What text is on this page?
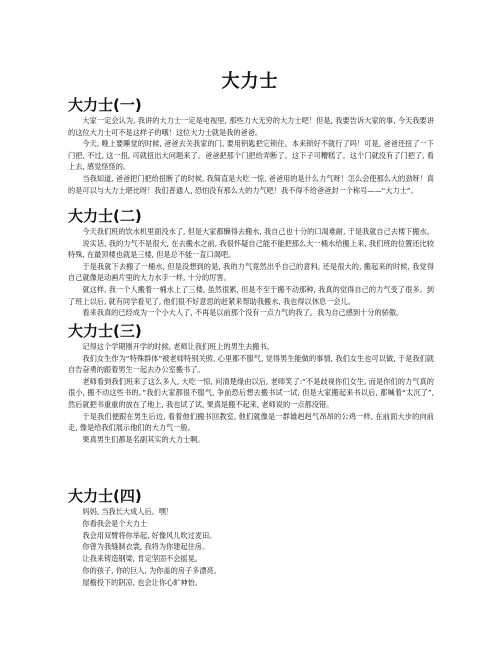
大力士
大力士(一)

大家一定会认为, 我讲的大力士一定是电视里, 那些力大无穷的大力士吧！但是, 我要告诉大家的事, 今天我要讲的这位大力士可不是这样子的哦！这位大力士就是我的爸爸。

今天, 晚上要睡觉的时候, 爸爸去关我家的门, 要用钥匙把它锁住。本来锁好不就行了吗！可是, 爸爸还扭了一下门把, 不过, 这一扭, 可就扭出大问题来了。爸爸把那个门把给弄断了。这下子可糟糕了。这个门就没有了门把了, 看上去, 感觉怪怪的。

当我知道, 爸爸把门把给扭断了的时候, 我简直是大吃一惊, 爸爸用的是什么力气呀！怎么会使那么大的劲呀！真的是可以与大力士堪比呀！我们普通人, 恐怕没有那么大的力气吧！我不得不给爸爸封一个称号——“大力士”。

大力士(二)

今天我们班的饮水机里面没水了, 但是大家都懒得去搬水, 我自己也十分的口渴难耐, 于是我就自己去楼下搬水。

说实话, 我的力气不是很大, 在去搬水之前, 我很怀疑自己能不能把那么大一桶水给搬上来, 我们班的位置还比较特殊, 在最顶楼也就是三楼, 但是总不能一直口渴吧。

于是我就下去搬了一桶水, 但是没想到的是, 我的力气竟然出乎自己的意料, 还是很大的, 搬起来的时候, 我觉得自己就像是动画片里的大力水手一样, 十分的厉害。

就这样, 我一个人搬着一桶水上了三楼, 虽然很累, 但是不至于搬不动那种, 我真的觉得自己的力气变了很多。到了班上以后, 就有同学看见了, 他们很不好意思的赶紧来帮助我搬水, 我也得以休息一会儿。

看来我真的已经成为一个小大人了, 不再是以前那个没有一点力气的我了。我为自己感到十分的骄傲。

大力士(三)

记得这个学期刚开学的时候, 老师让我们班上的男生去搬书。

我们女生作为“特殊群体”被老师特别关照, 心里都不服气, 觉得男生能做的事情, 我们女生也可以做, 于是我们就自告奋勇的跟着男生一起去办公室搬书了。

老师看到我们班来了这么多人, 大吃一惊, 问清楚缘由以后, 老师笑了:“不是歧视你们女生, 而是你们的力气真的很小, 搬不动这些书的。”我们大家都很不服气, 争前恐后想去搬书试一试, 但是大家搬起来书以后, 都喊着“太沉了”, 然后就把书重重的放在了地上, 我也试了试, 果真是搬不起来, 老师说的一点都没错。

于是我们便跟在男生后边, 看着他们搬书回教室, 他们就像是一群雄赳赳气昂昂的公鸡一样, 在前面大步的向前走, 像是给我们展示他们的大力气一般。

果真男生们都是名副其实的大力士啊。

大力士(四)

妈妈, 当我长大成人后。嘿！

你看我会是个大力士

我会用双臂将你举起, 好像风儿吹过麦田。

你曾为我缝制衣裳, 我将为你建起住房。

让我来铸造钢梁, 肯定坚固不会摇晃。

你的孩子, 你的巨人, 为你盖的房子多漂亮。

屋檐投下的阴凉, 也会让你心旷神怡。
